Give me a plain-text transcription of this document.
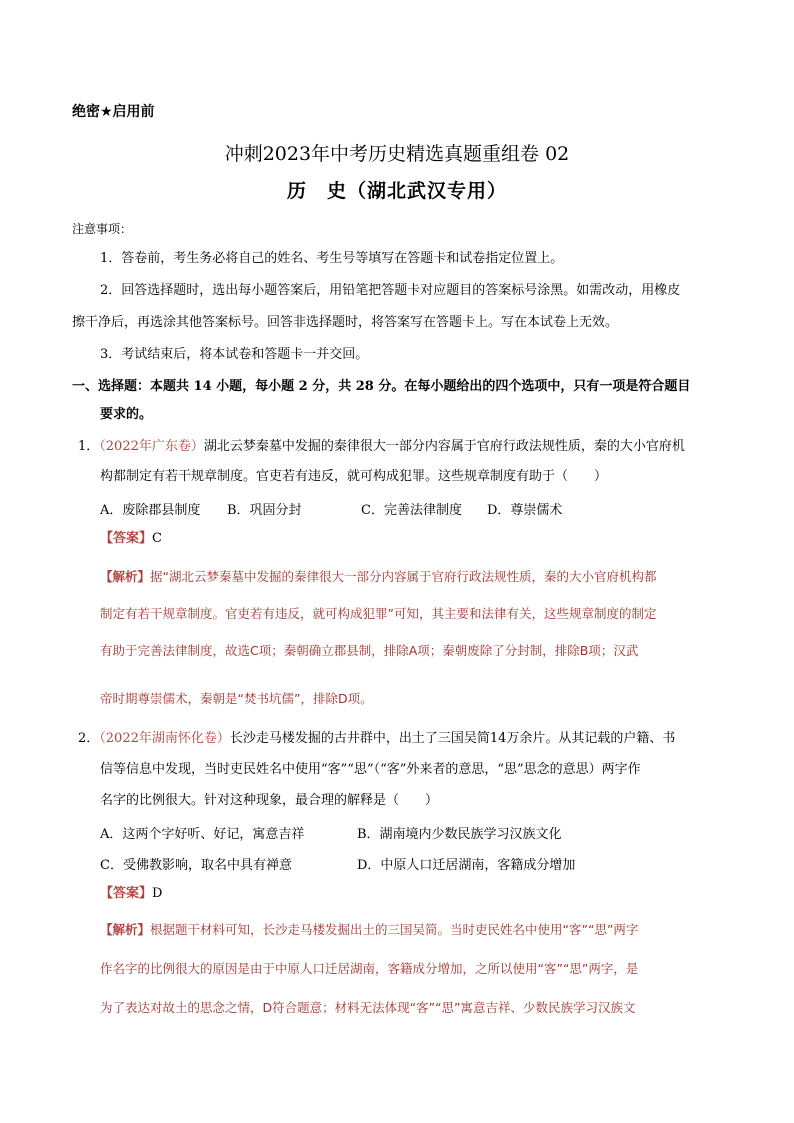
绝密★启用前
冲刺2023年中考历史精选真题重组卷 02
历　史（湖北武汉专用）
注意事项：
1．答卷前，考生务必将自己的姓名、考生号等填写在答题卡和试卷指定位置上。
2．回答选择题时，选出每小题答案后，用铅笔把答题卡对应题目的答案标号涂黑。如需改动，用橡皮
擦干净后，再选涂其他答案标号。回答非选择题时，将答案写在答题卡上。写在本试卷上无效。
3．考试结束后，将本试卷和答题卡一并交回。
一、选择题：本题共 14 小题，每小题 2 分，共 28 分。在每小题给出的四个选项中，只有一项是符合题目
要求的。
1．（2022年广东卷）湖北云梦秦墓中发掘的秦律很大一部分内容属于官府行政法规性质，秦的大小官府机
构都制定有若干规章制度。官吏若有违反，就可构成犯罪。这些规章制度有助于（　　）
A．废除郡县制度 B．巩固分封	C．完善法律制度 D．尊崇儒术
【答案】C
【解析】据“湖北云梦秦墓中发掘的秦律很大一部分内容属于官府行政法规性质，秦的大小官府机构都
制定有若干规章制度。官吏若有违反，就可构成犯罪”可知，其主要和法律有关，这些规章制度的制定
有助于完善法律制度，故选C项；秦朝确立郡县制，排除A项；秦朝废除了分封制，排除B项；汉武
帝时期尊崇儒术，秦朝是“焚书坑儒”，排除D项。
2．（2022年湖南怀化卷）长沙走马楼发掘的古井群中，出土了三国吴简14万余片。从其记载的户籍、书
信等信息中发现，当时吏民姓名中使用“客”“思”（“客”外来者的意思，“思”思念的意思）两字作
名字的比例很大。针对这种现象，最合理的解释是（　　）
A．这两个字好听、好记，寓意吉祥	B．湖南境内少数民族学习汉族文化
C．受佛教影响，取名中具有禅意	D．中原人口迁居湖南，客籍成分增加
【答案】D
【解析】根据题干材料可知，长沙走马楼发掘出土的三国吴简。当时吏民姓名中使用“客”“思”两字
作名字的比例很大的原因是由于中原人口迁居湖南，客籍成分增加，之所以使用“客”“思”两字，是
为了表达对故土的思念之情，D符合题意；材料无法体现“客”“思”寓意吉祥、少数民族学习汉族文
